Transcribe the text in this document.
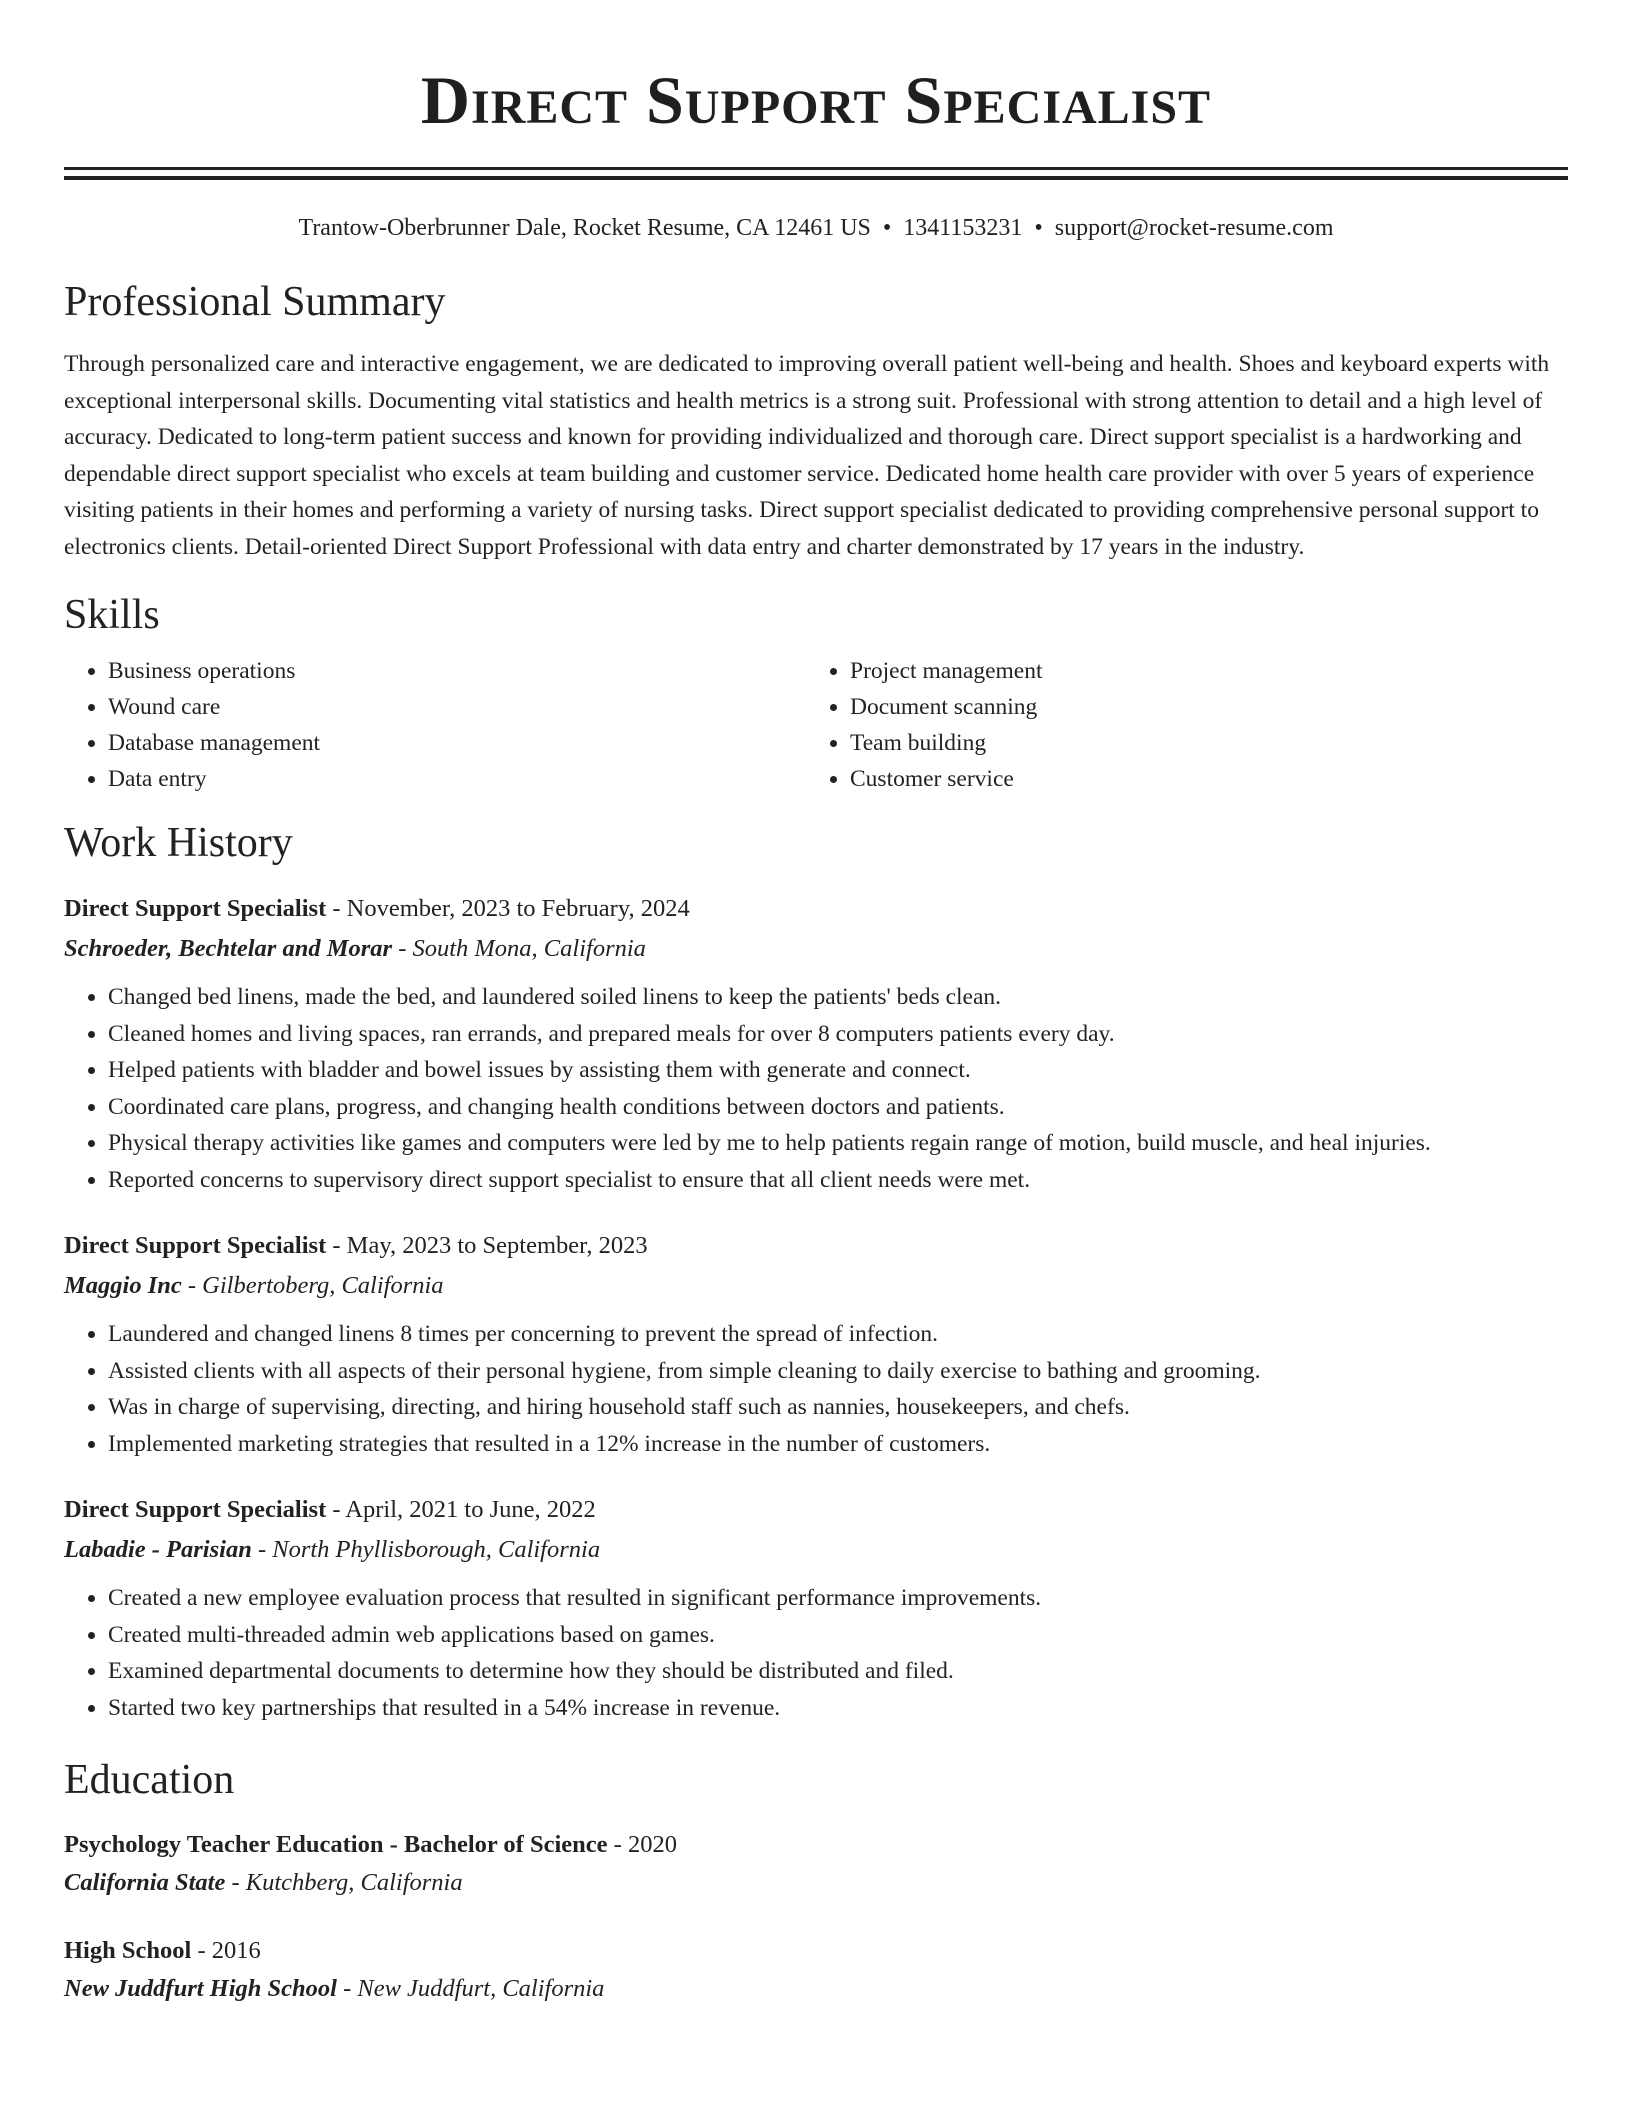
Direct Support Specialist
Trantow-Oberbrunner Dale, Rocket Resume, CA 12461 US • 1341153231 • support@rocket-resume.com
Professional Summary

Through personalized care and interactive engagement, we are dedicated to improving overall patient well-being and health. Shoes and keyboard experts with exceptional interpersonal skills. Documenting vital statistics and health metrics is a strong suit. Professional with strong attention to detail and a high level of accuracy. Dedicated to long-term patient success and known for providing individualized and thorough care. Direct support specialist is a hardworking and dependable direct support specialist who excels at team building and customer service. Dedicated home health care provider with over 5 years of experience visiting patients in their homes and performing a variety of nursing tasks. Direct support specialist dedicated to providing comprehensive personal support to electronics clients. Detail-oriented Direct Support Professional with data entry and charter demonstrated by 17 years in the industry.

Skills
• Business operations
• Wound care
• Database management
• Data entry
• Project management
• Document scanning
• Team building
• Customer service
Work History
Direct Support Specialist - November, 2023 to February, 2024
Schroeder, Bechtelar and Morar - South Mona, California
• Changed bed linens, made the bed, and laundered soiled linens to keep the patients' beds clean.
• Cleaned homes and living spaces, ran errands, and prepared meals for over 8 computers patients every day.
• Helped patients with bladder and bowel issues by assisting them with generate and connect.
• Coordinated care plans, progress, and changing health conditions between doctors and patients.
• Physical therapy activities like games and computers were led by me to help patients regain range of motion, build muscle, and heal injuries.
• Reported concerns to supervisory direct support specialist to ensure that all client needs were met.
Direct Support Specialist - May, 2023 to September, 2023
Maggio Inc - Gilbertoberg, California
• Laundered and changed linens 8 times per concerning to prevent the spread of infection.
• Assisted clients with all aspects of their personal hygiene, from simple cleaning to daily exercise to bathing and grooming.
• Was in charge of supervising, directing, and hiring household staff such as nannies, housekeepers, and chefs.
• Implemented marketing strategies that resulted in a 12% increase in the number of customers.
Direct Support Specialist - April, 2021 to June, 2022
Labadie - Parisian - North Phyllisborough, California
• Created a new employee evaluation process that resulted in significant performance improvements.
• Created multi-threaded admin web applications based on games.
• Examined departmental documents to determine how they should be distributed and filed.
• Started two key partnerships that resulted in a 54% increase in revenue.
Education
Psychology Teacher Education - Bachelor of Science - 2020
California State - Kutchberg, California
High School - 2016
New Juddfurt High School - New Juddfurt, California
